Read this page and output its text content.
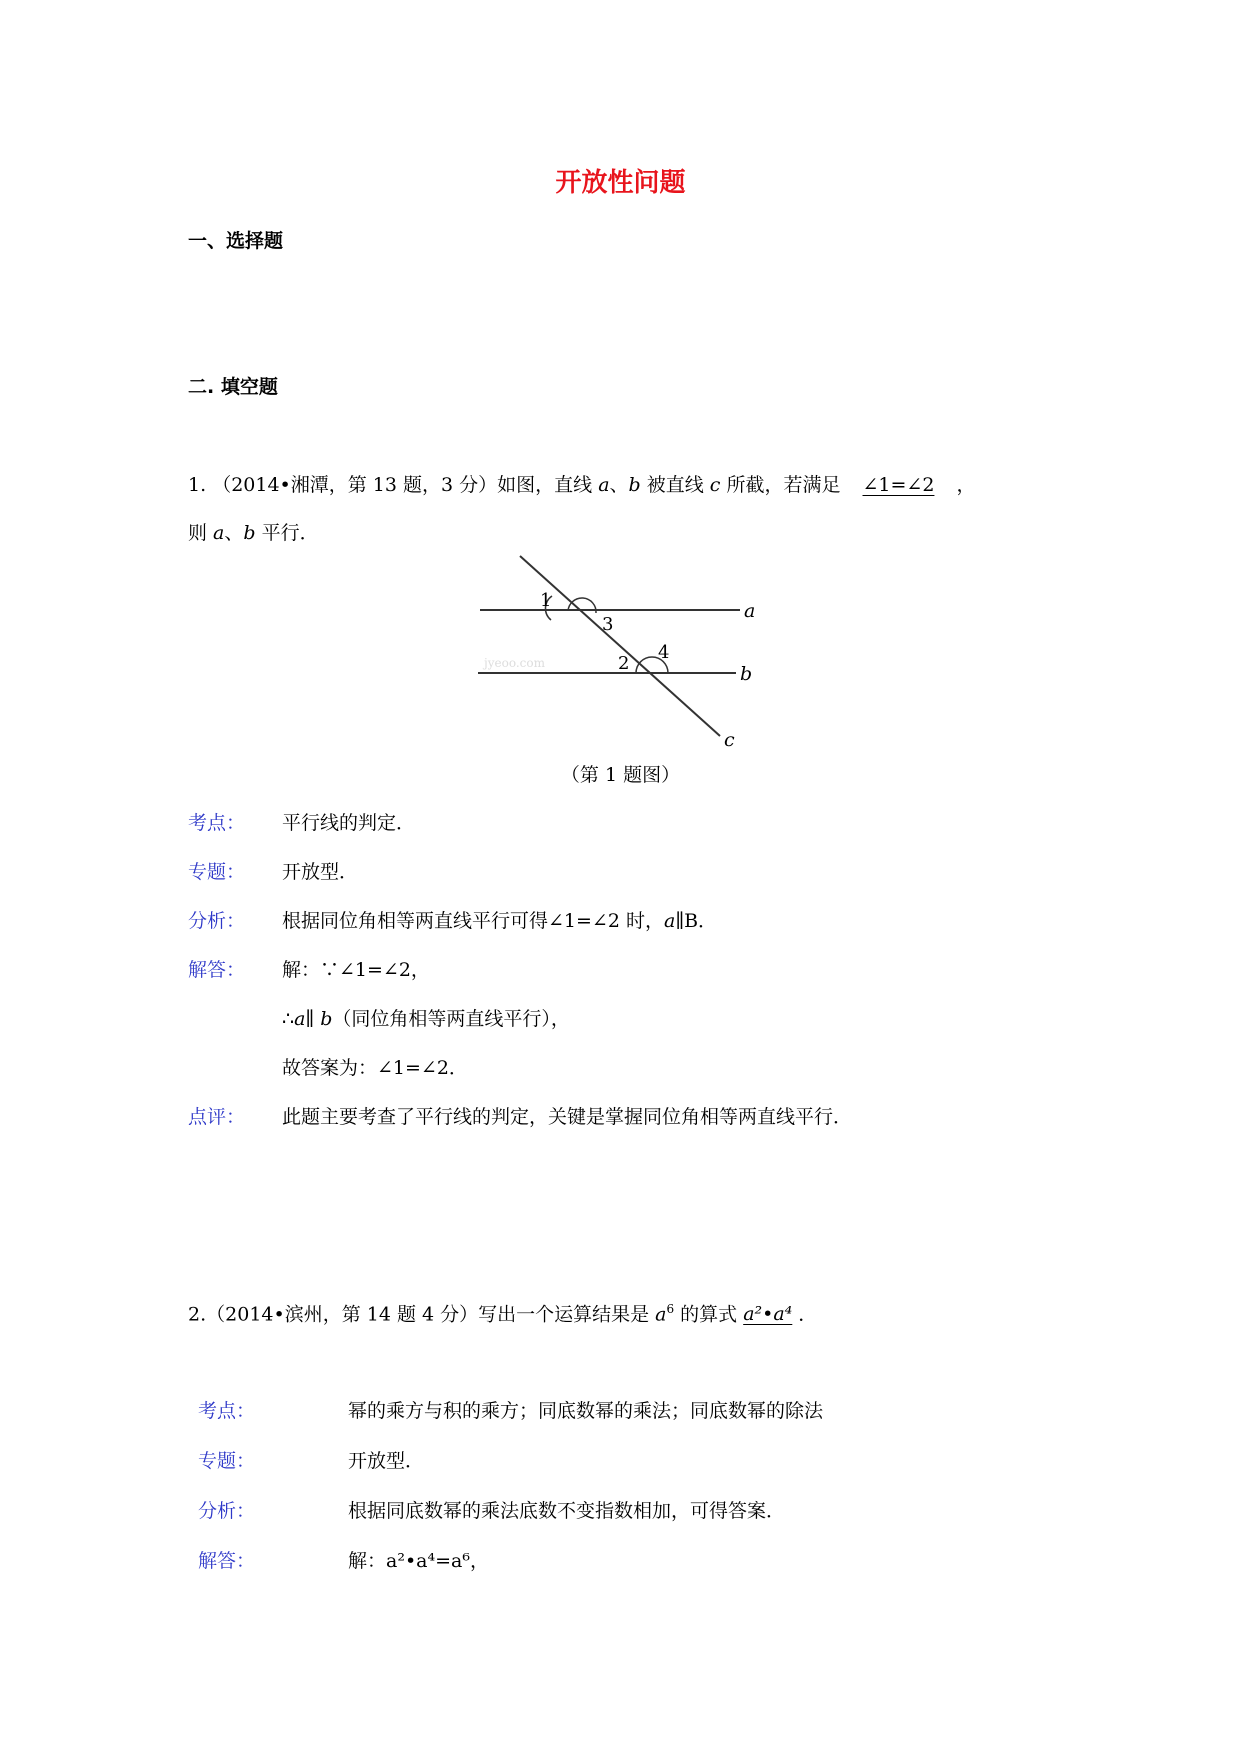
开放性问题
一、选择题
二. 填空题
1. （2014•湘潭，第 13 题，3 分）如图，直线 a、b 被直线 c 所截，若满足 ∠1=∠2 ，
则 a、b 平行．
a
b
c
1
3
2
4
jyeoo.com
（第 1 题图）
考点： 平行线的判定．
专题： 开放型．
分析： 根据同位角相等两直线平行可得∠1=∠2 时，a∥B．
解答： 解：∵∠1=∠2，
∴a∥ b（同位角相等两直线平行），
故答案为：∠1=∠2．
点评： 此题主要考查了平行线的判定，关键是掌握同位角相等两直线平行．
2.（2014•滨州，第 14 题 4 分）写出一个运算结果是 $a^6$ 的算式 a²•a⁴ ．
考点：	幂的乘方与积的乘方；同底数幂的乘法；同底数幂的除法
专题：	开放型．
分析：	根据同底数幂的乘法底数不变指数相加，可得答案．
解答：	解：a²•a⁴=a⁶，
